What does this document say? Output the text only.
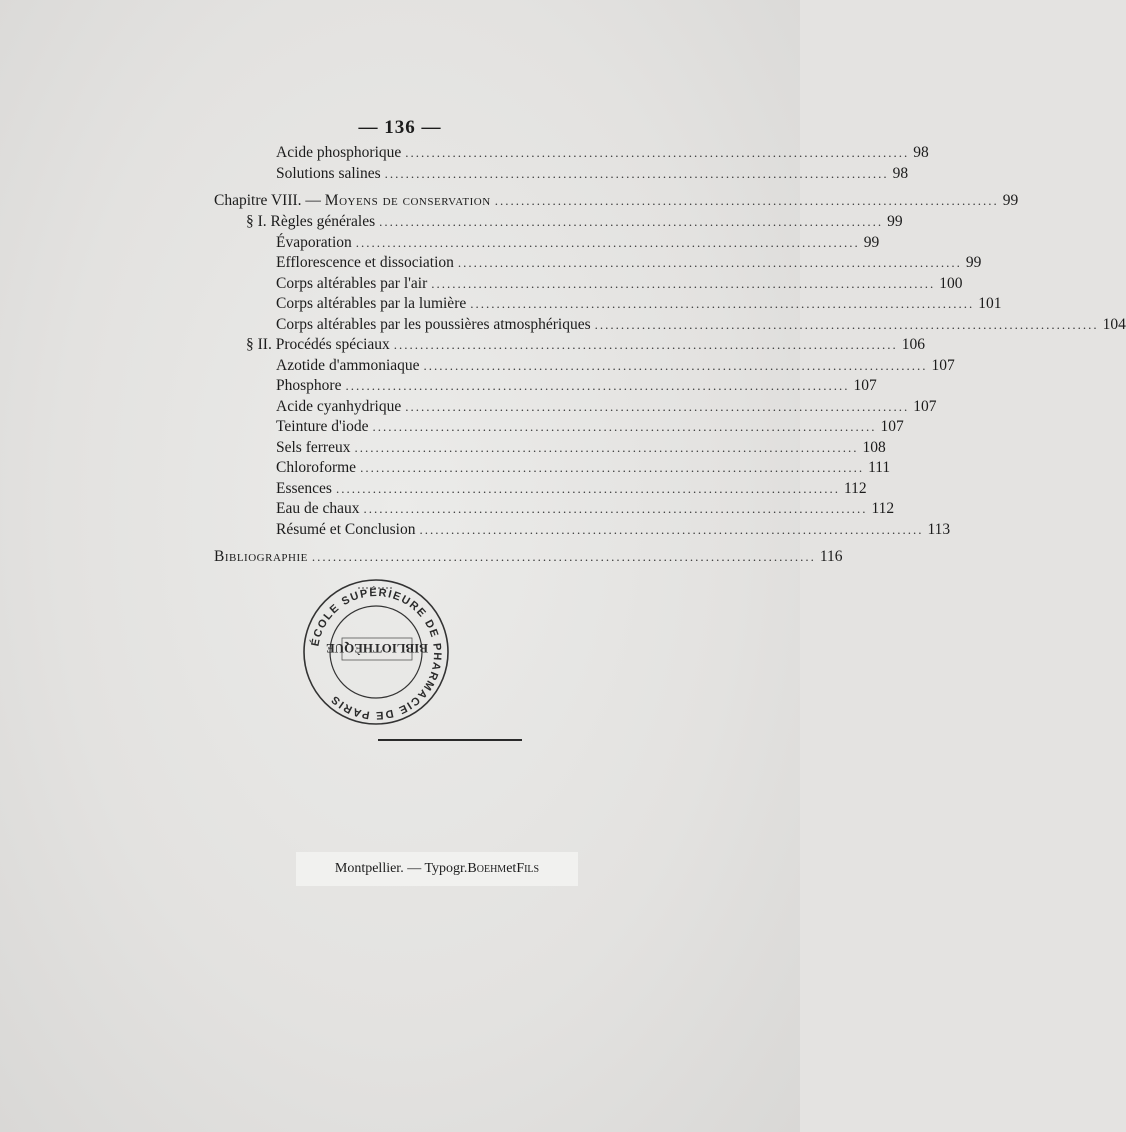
— 136 —
Acide phosphorique ................................................................................................ 98
Solutions salines ................................................................................................ 98
Chapitre VIII. — Moyens de conservation ................................................................................................ 99
§ I. Règles générales ................................................................................................ 99
Évaporation ................................................................................................ 99
Efflorescence et dissociation ................................................................................................ 99
Corps altérables par l'air ................................................................................................ 100
Corps altérables par la lumière ................................................................................................ 101
Corps altérables par les poussières atmosphériques ................................................................................................ 104
§ II. Procédés spéciaux ................................................................................................ 106
Azotide d'ammoniaque ................................................................................................ 107
Phosphore ................................................................................................ 107
Acide cyanhydrique ................................................................................................ 107
Teinture d'iode ................................................................................................ 107
Sels ferreux ................................................................................................ 108
Chloroforme ................................................................................................ 111
Essences ................................................................................................ 112
Eau de chaux ................................................................................................ 112
Résumé et Conclusion ................................................................................................ 113
Bibliographie ................................................................................................ 116
ÉCOLE SUPÉRIEURE DE PHARMACIE DE PARIS
BIBLIOTHÈQUE
Montpellier. — Typogr. Boehm et Fils
